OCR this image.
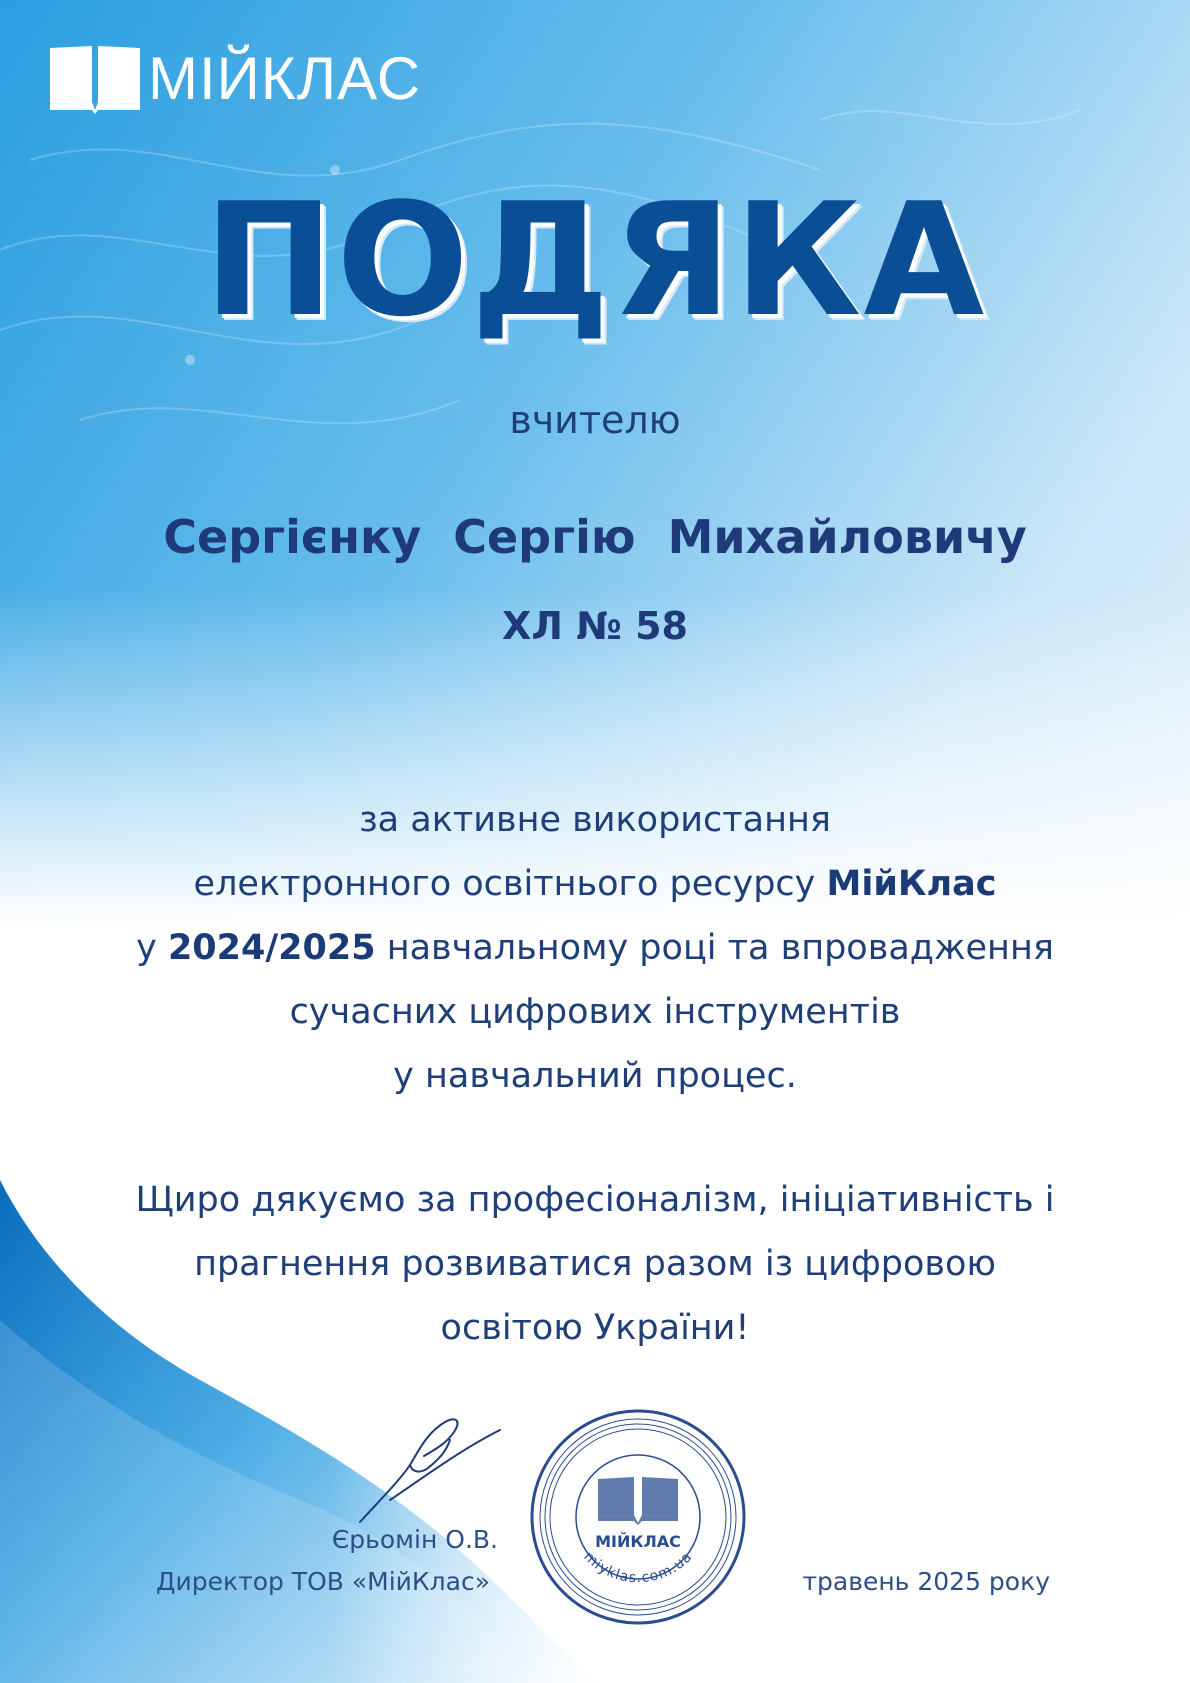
МІЙКЛАС
ПОДЯКА
вчителю
Сергієнку Сергію Михайловичу
ХЛ № 58
за активне використання
електронного освітнього ресурсу МійКлас
у 2024/2025 навчальному році та впровадження
сучасних цифрових інструментів
у навчальний процес.
Щиро дякуємо за професіоналізм, ініціативність і
прагнення розвиватися разом із цифровою
освітою України!
Єрьомін О.В.
Директор ТОВ «МійКлас»
МІЙКЛАС
miyklas.com.ua
травень 2025 року
